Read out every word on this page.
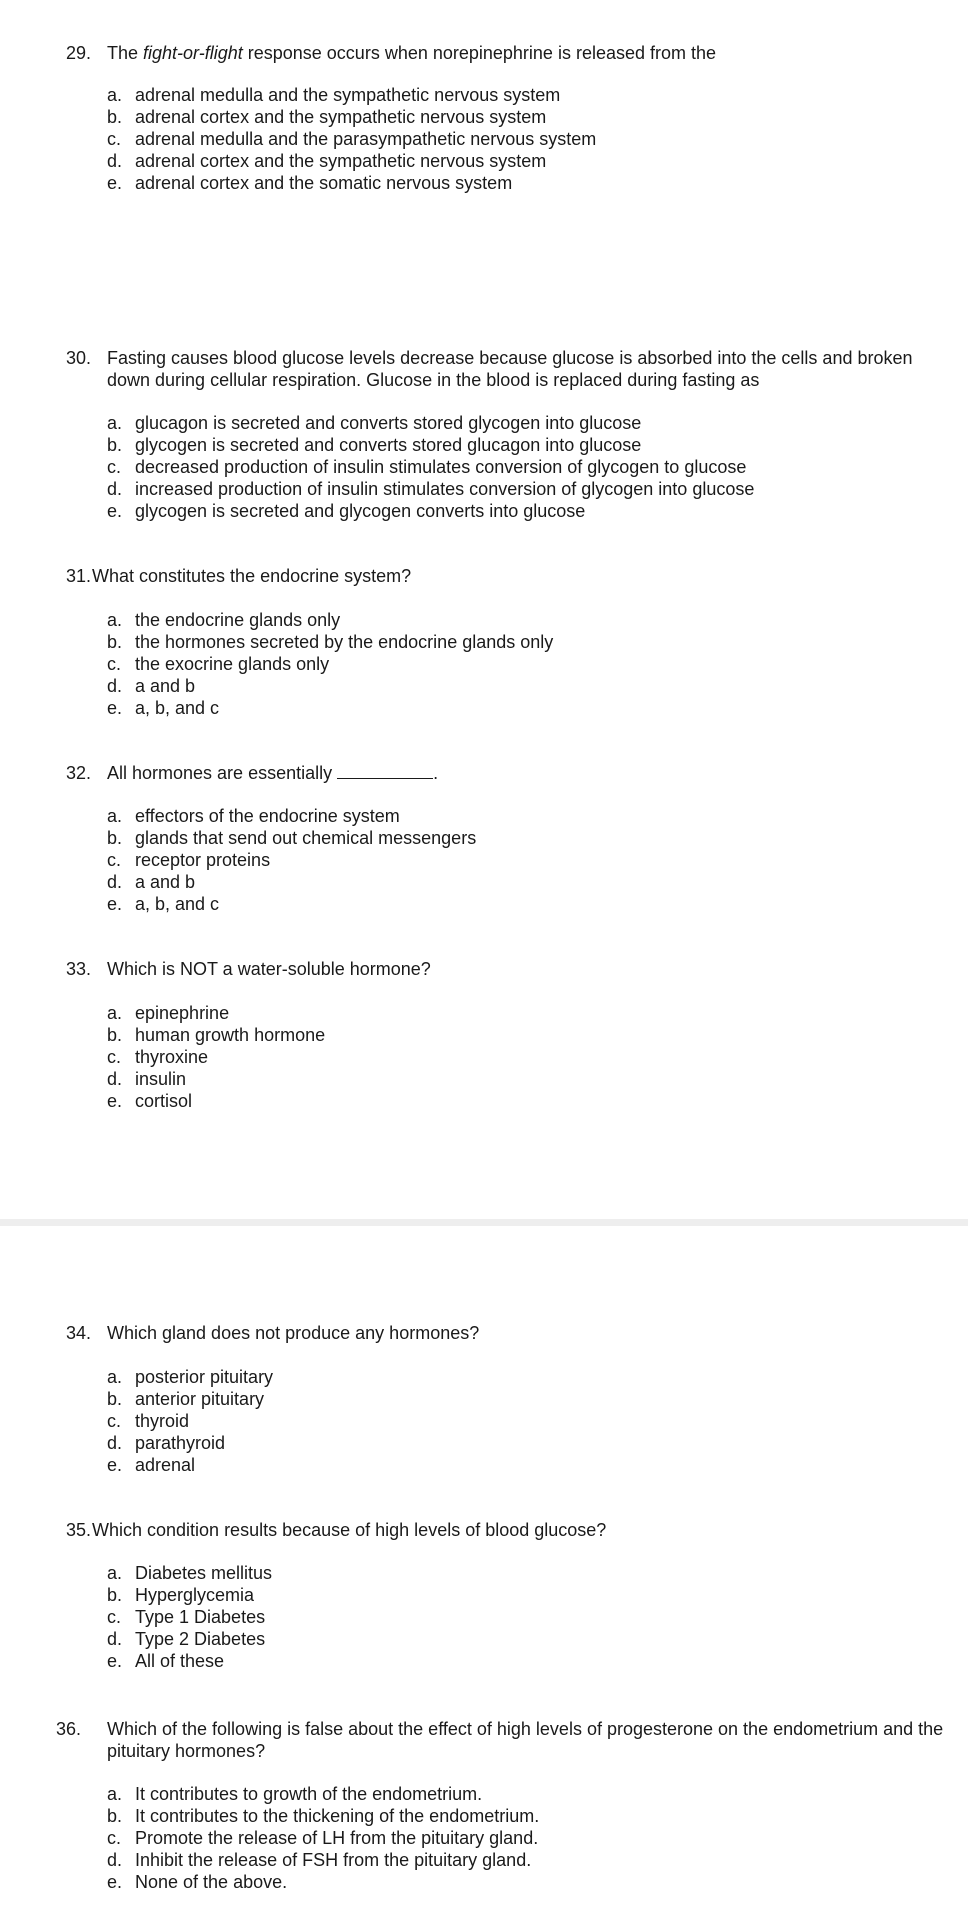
29. The fight-or-flight response occurs when norepinephrine is released from the
a. adrenal medulla and the sympathetic nervous system
b. adrenal cortex and the sympathetic nervous system
c. adrenal medulla and the parasympathetic nervous system
d. adrenal cortex and the sympathetic nervous system
e. adrenal cortex and the somatic nervous system
30. Fasting causes blood glucose levels decrease because glucose is absorbed into the cells and broken down during cellular respiration. Glucose in the blood is replaced during fasting as
a. glucagon is secreted and converts stored glycogen into glucose
b. glycogen is secreted and converts stored glucagon into glucose
c. decreased production of insulin stimulates conversion of glycogen to glucose
d. increased production of insulin stimulates conversion of glycogen into glucose
e. glycogen is secreted and glycogen converts into glucose
31. What constitutes the endocrine system?
a. the endocrine glands only
b. the hormones secreted by the endocrine glands only
c. the exocrine glands only
d. a and b
e. a, b, and c
32. All hormones are essentially	.
a. effectors of the endocrine system
b. glands that send out chemical messengers
c. receptor proteins
d. a and b
e. a, b, and c
33. Which is NOT a water-soluble hormone?
a. epinephrine
b. human growth hormone
c. thyroxine
d. insulin
e. cortisol
34. Which gland does not produce any hormones?
a. posterior pituitary
b. anterior pituitary
c. thyroid
d. parathyroid
e. adrenal
35. Which condition results because of high levels of blood glucose?
a. Diabetes mellitus
b. Hyperglycemia
c. Type 1 Diabetes
d. Type 2 Diabetes
e. All of these
36. Which of the following is false about the effect of high levels of progesterone on the endometrium and the pituitary hormones?
a. It contributes to growth of the endometrium.
b. It contributes to the thickening of the endometrium.
c. Promote the release of LH from the pituitary gland.
d. Inhibit the release of FSH from the pituitary gland.
e. None of the above.
